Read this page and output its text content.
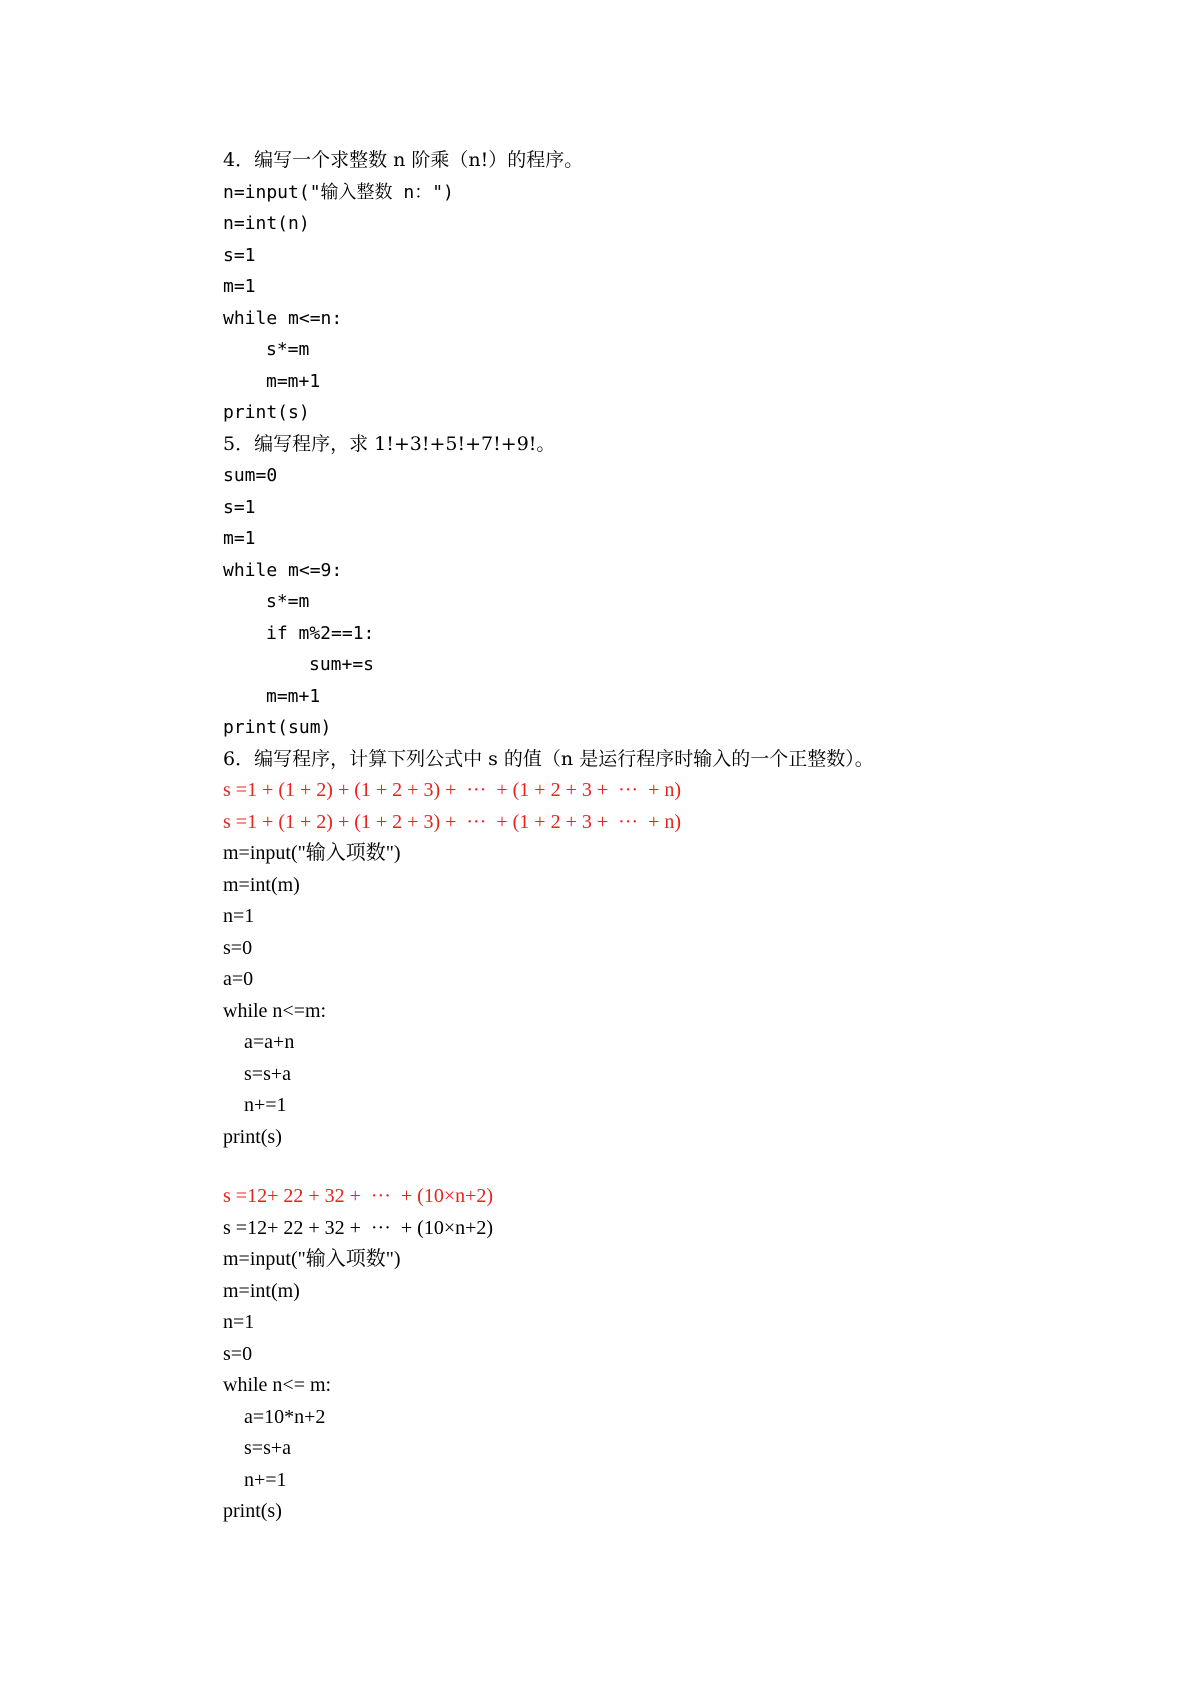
4．编写一个求整数 n 阶乘（n!）的程序。
n=input("输入整数 n：")
n=int(n)
s=1
m=1
while m<=n:
s*=m
m=m+1
print(s)
5．编写程序，求 1!+3!+5!+7!+9!。
sum=0
s=1
m=1
while m<=9:
s*=m
if m%2==1:
sum+=s
m=m+1
print(sum)
6．编写程序，计算下列公式中 s 的值（n 是运行程序时输入的一个正整数）。
s =1 + (1 + 2) + (1 + 2 + 3) +  ···  + (1 + 2 + 3 +  ···  + n)
s =1 + (1 + 2) + (1 + 2 + 3) +  ···  + (1 + 2 + 3 +  ···  + n)
m=input("输入项数")
m=int(m)
n=1
s=0
a=0
while n<=m:
a=a+n
s=s+a
n+=1
print(s)
s =12+ 22 + 32 +  ···  + (10×n+2)
s =12+ 22 + 32 +  ···  + (10×n+2)
m=input("输入项数")
m=int(m)
n=1
s=0
while n<= m:
a=10*n+2
s=s+a
n+=1
print(s)
